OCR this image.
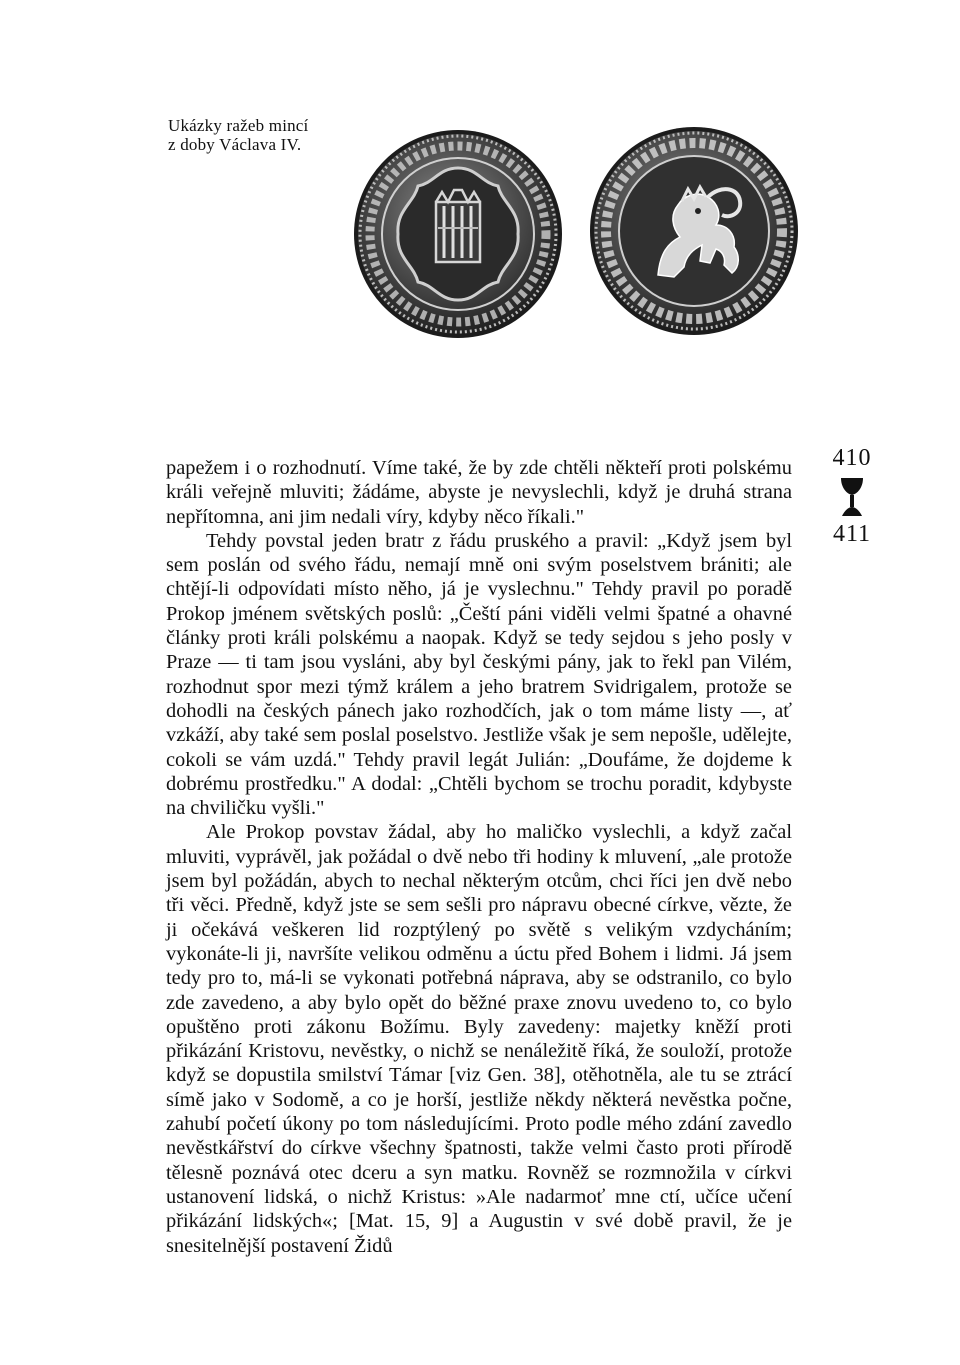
Ukázky ražeb mincí
z doby Václava IV.

papežem i o rozhodnutí. Víme také, že by zde chtěli někteří proti polskému králi veřejně mluviti; žádáme, abyste je nevyslechli, když je druhá strana nepřítomna, ani jim nedali víry, kdyby něco říkali."

Tehdy povstal jeden bratr z řádu pruského a pravil: „Když jsem byl sem poslán od svého řádu, nemají mně oni svým poselstvem brániti; ale chtějí-li odpovídati místo něho, já je vyslechnu." Tehdy pravil po poradě Prokop jménem světských poslů: „Čeští páni viděli velmi špatné a ohavné články proti králi polskému a naopak. Když se tedy sejdou s jeho posly v Praze — ti tam jsou vysláni, aby byl českými pány, jak to řekl pan Vilém, rozhodnut spor mezi týmž králem a jeho bratrem Svidrigalem, protože se dohodli na českých pánech jako rozhodčích, jak o tom máme listy —, ať vzkáží, aby také sem poslal poselstvo. Jestliže však je sem nepošle, udělejte, cokoli se vám uzdá." Tehdy pravil legát Julián: „Doufáme, že dojdeme k dobrému prostředku." A dodal: „Chtěli bychom se trochu poradit, kdybyste na chviličku vyšli."

Ale Prokop povstav žádal, aby ho maličko vyslechli, a když začal mluviti, vyprávěl, jak požádal o dvě nebo tři hodiny k mluvení, „ale protože jsem byl požádán, abych to nechal některým otcům, chci říci jen dvě nebo tři věci. Předně, když jste se sem sešli pro nápravu obecné církve, vězte, že ji očekává veškeren lid rozptýlený po světě s velikým vzdycháním; vykonáte-li ji, navršíte velikou odměnu a úctu před Bohem i lidmi. Já jsem tedy pro to, má-li se vykonati potřebná náprava, aby se odstranilo, co bylo zde zavedeno, a aby bylo opět do běžné praxe znovu uvedeno to, co bylo opuštěno proti zákonu Božímu. Byly zavedeny: majetky kněží proti přikázání Kristovu, nevěstky, o nichž se nenáležitě říká, že souloží, protože když se dopustila smilství Támar [viz Gen. 38], otěhotněla, ale tu se ztrácí símě jako v Sodomě, a co je horší, jestliže někdy některá nevěstka počne, zahubí početí úkony po tom následujícími. Proto podle mého zdání zavedlo nevěstkářství do církve všechny špatnosti, takže velmi často proti přírodě tělesně poznává otec dceru a syn matku. Rovněž se rozmnožila v církvi ustanovení lidská, o nichž Kristus: »Ale nadarmoť mne ctí, učíce učení přikázání lidských«; [Mat. 15, 9] a Augustin v své době pravil, že je snesitelnější postavení Židů

410
411
